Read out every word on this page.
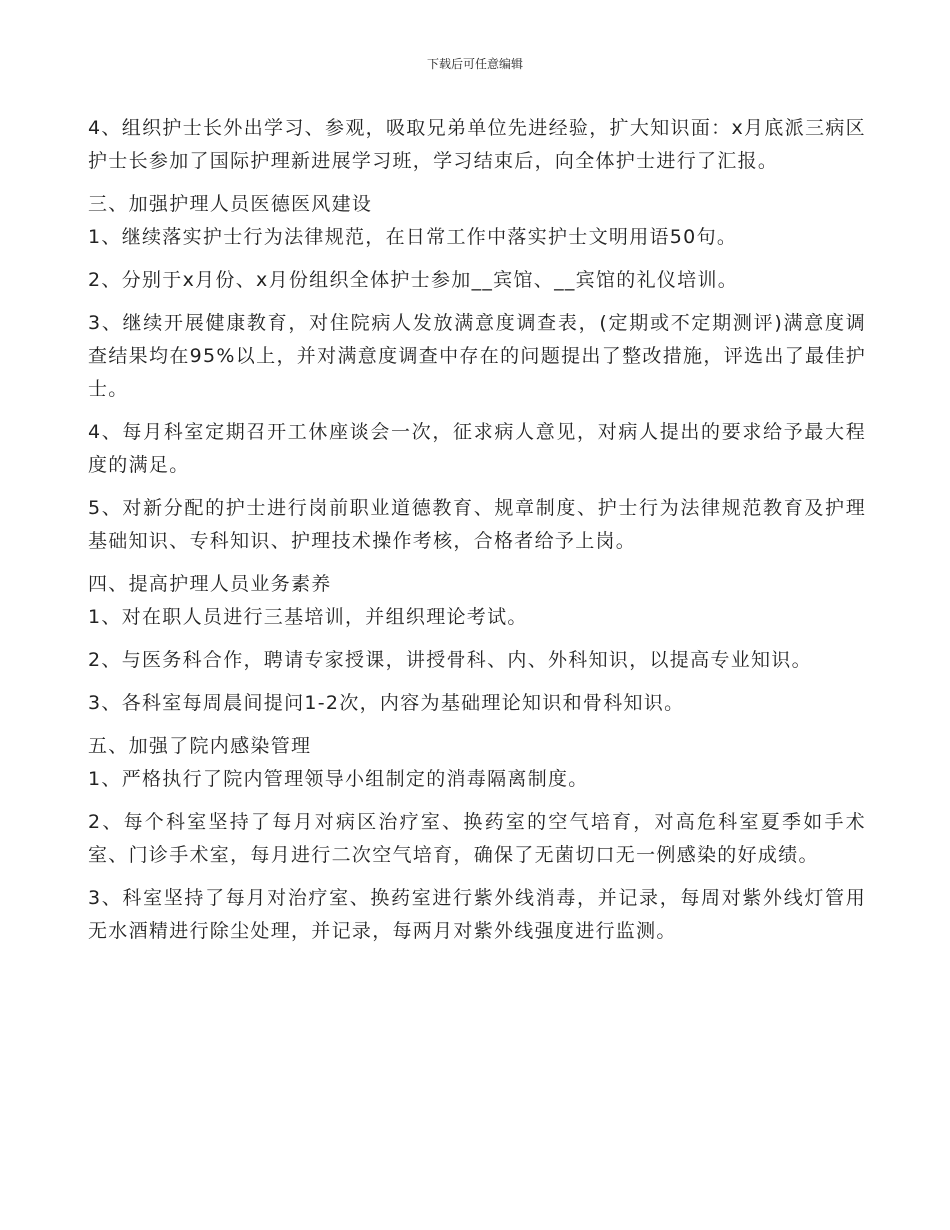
下载后可任意编辑

4、组织护士长外出学习、参观，吸取兄弟单位先进经验，扩大知识面：x月底派三病区护士长参加了国际护理新进展学习班，学习结束后，向全体护士进行了汇报。

三、加强护理人员医德医风建设

1、继续落实护士行为法律规范，在日常工作中落实护士文明用语50句。

2、分别于x月份、x月份组织全体护士参加__宾馆、__宾馆的礼仪培训。

3、继续开展健康教育，对住院病人发放满意度调查表，(定期或不定期测评)满意度调查结果均在95%以上，并对满意度调查中存在的问题提出了整改措施，评选出了最佳护士。

4、每月科室定期召开工休座谈会一次，征求病人意见，对病人提出的要求给予最大程度的满足。

5、对新分配的护士进行岗前职业道德教育、规章制度、护士行为法律规范教育及护理基础知识、专科知识、护理技术操作考核，合格者给予上岗。

四、提高护理人员业务素养

1、对在职人员进行三基培训，并组织理论考试。

2、与医务科合作，聘请专家授课，讲授骨科、内、外科知识，以提高专业知识。

3、各科室每周晨间提问1-2次，内容为基础理论知识和骨科知识。

五、加强了院内感染管理

1、严格执行了院内管理领导小组制定的消毒隔离制度。

2、每个科室坚持了每月对病区治疗室、换药室的空气培育，对高危科室夏季如手术室、门诊手术室，每月进行二次空气培育，确保了无菌切口无一例感染的好成绩。

3、科室坚持了每月对治疗室、换药室进行紫外线消毒，并记录，每周对紫外线灯管用无水酒精进行除尘处理，并记录，每两月对紫外线强度进行监测。
